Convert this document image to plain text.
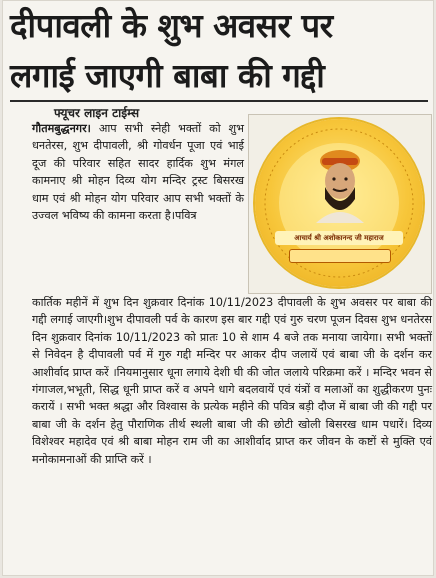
दीपावली के शुभ अवसर पर
लगाई जाएगी बाबा की गद्दी
फ्यूचर लाइन टाईम्स
गौतमबुद्धनगर। आप सभी स्नेही भक्तों को शुभ धनतेरस, शुभ दीपावली, श्री गोवर्धन पूजा एवं भाई दूज की परिवार सहित सादर हार्दिक शुभ मंगल कामनाए श्री मोहन दिव्य योग मन्दिर ट्रस्ट बिसरख धाम एवं श्री मोहन योग परिवार आप सभी भक्तों के उज्वल भविष्य की कामना करता है।पवित्र
आचार्य श्री अशोकानन्द जी महाराज
कार्तिक महीनें में शुभ दिन शुक्रवार दिनांक 10/11/2023 दीपावली के शुभ अवसर पर बाबा की गद्दी लगाई जाएगी।शुभ दीपावली पर्व के कारण इस बार गद्दी एवं गुरु चरण पूजन दिवस शुभ धनतेरस दिन शुक्रवार दिनांक 10/11/2023 को प्रातः 10 से शाम 4 बजे तक मनाया जायेगा। सभी भक्तों से निवेदन है दीपावली पर्व में गुरु गद्दी मन्दिर पर आकर दीप जलायें एवं बाबा जी के दर्शन कर आशीर्वाद प्राप्त करें ।नियमानुसार धूना लगाये देशी घी की जोत जलाये परिक्रमा करें । मन्दिर भवन से गंगाजल,भभूती, सिद्ध धूनी प्राप्त करें व अपने धागे बदलवायें एवं यंत्रों व मलाओं का शुद्धीकरण पुनः करायें । सभी भक्त श्रद्धा और विश्वास के प्रत्येक महीने की पवित्र बड़ी दौज में बाबा जी की गद्दी पर बाबा जी के दर्शन हेतु पौराणिक तीर्थ स्थली बाबा जी की छोटी खोली बिसरख धाम पधारें। दिव्य विशेश्वर महादेव एवं श्री बाबा मोहन राम जी का आशीर्वाद प्राप्त कर जीवन के कष्टों से मुक्ति एवं मनोकामनाओं की प्राप्ति करें ।
